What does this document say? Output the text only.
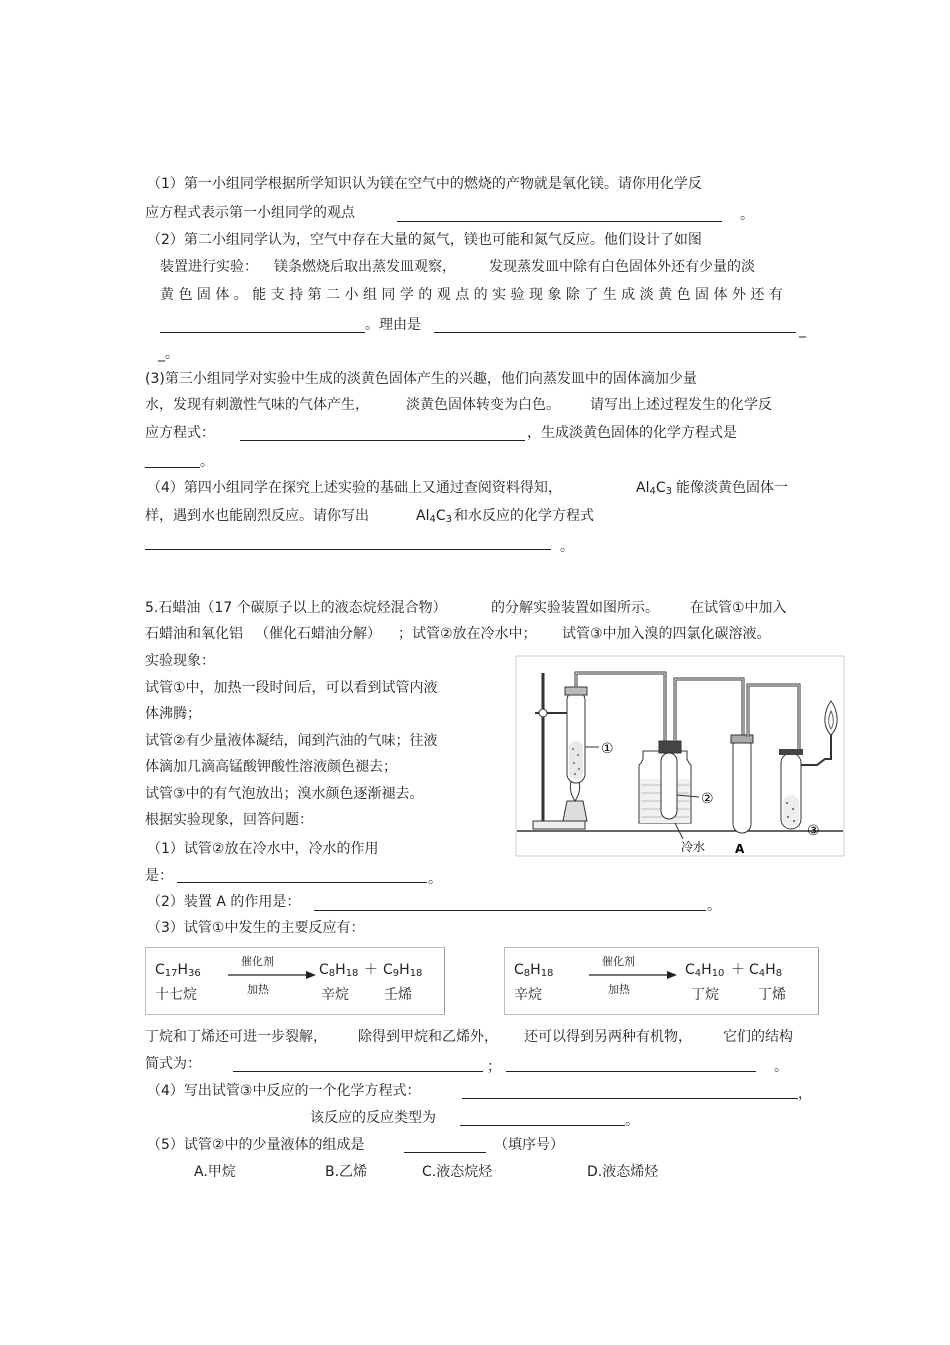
（1）第一小组同学根据所学知识认为镁在空气中的燃烧的产物就是氧化镁。请你用化学反
应方程式表示第一小组同学的观点	。
（2）第二小组同学认为，空气中存在大量的氮气，镁也可能和氮气反应。他们设计了如图
装置进行实验： 镁条燃烧后取出蒸发皿观察， 发现蒸发皿中除有白色固体外还有少量的淡
黄 色 固 体 。 能 支 持 第 二 小 组 同 学 的 观 点 的 实 验 现 象 除 了 生 成 淡 黄 色 固 体 外 还 有
。理由是	_
_。
(3)第三小组同学对实验中生成的淡黄色固体产生的兴趣，他们向蒸发皿中的固体滴加少量
水，发现有刺激性气味的气体产生，	淡黄色固体转变为白色。 请写出上述过程发生的化学反
应方程式：	，生成淡黄色固体的化学方程式是
。
（4）第四小组同学在探究上述实验的基础上又通过查阅资料得知，	$Al_4C_3$ 能像淡黄色固体一
样，遇到水也能剧烈反应。请你写出	$Al_4C_3$ 和水反应的化学方程式
。
5.石蜡油（17 个碳原子以上的液态烷烃混合物）	的分解实验装置如图所示。 在试管①中加入
石蜡油和氧化铝 （催化石蜡油分解） ；试管②放在冷水中； 试管③中加入溴的四氯化碳溶液。
实验现象：
试管①中，加热一段时间后，可以看到试管内液
体沸腾；
试管②有少量液体凝结，闻到汽油的气味；往液
体滴加几滴高锰酸钾酸性溶液颜色褪去；
试管③中的有气泡放出；溴水颜色逐渐褪去。
根据实验现象，回答问题：
（1）试管②放在冷水中，冷水的作用
是：	。
（2）装置 A 的作用是：	。
（3）试管①中发生的主要反应有：
①
②
③
冷水 A
$C_{17}H_{36}$
催化剂
加热
$C_8H_{18} + C_9H_{18}$
十七烷	辛烷	壬烯
$C_8H_{18}$
催化剂
加热
$C_4H_{10} + C_4H_8$
辛烷	丁烷	丁烯
丁烷和丁烯还可进一步裂解， 除得到甲烷和乙烯外， 还可以得到另两种有机物， 它们的结构
简式为：	；	。
（4）写出试管③中反应的一个化学方程式：	，
该反应的反应类型为	。
（5）试管②中的少量液体的组成是	（填序号）
A.甲烷	B.乙烯	C.液态烷烃	D.液态烯烃
